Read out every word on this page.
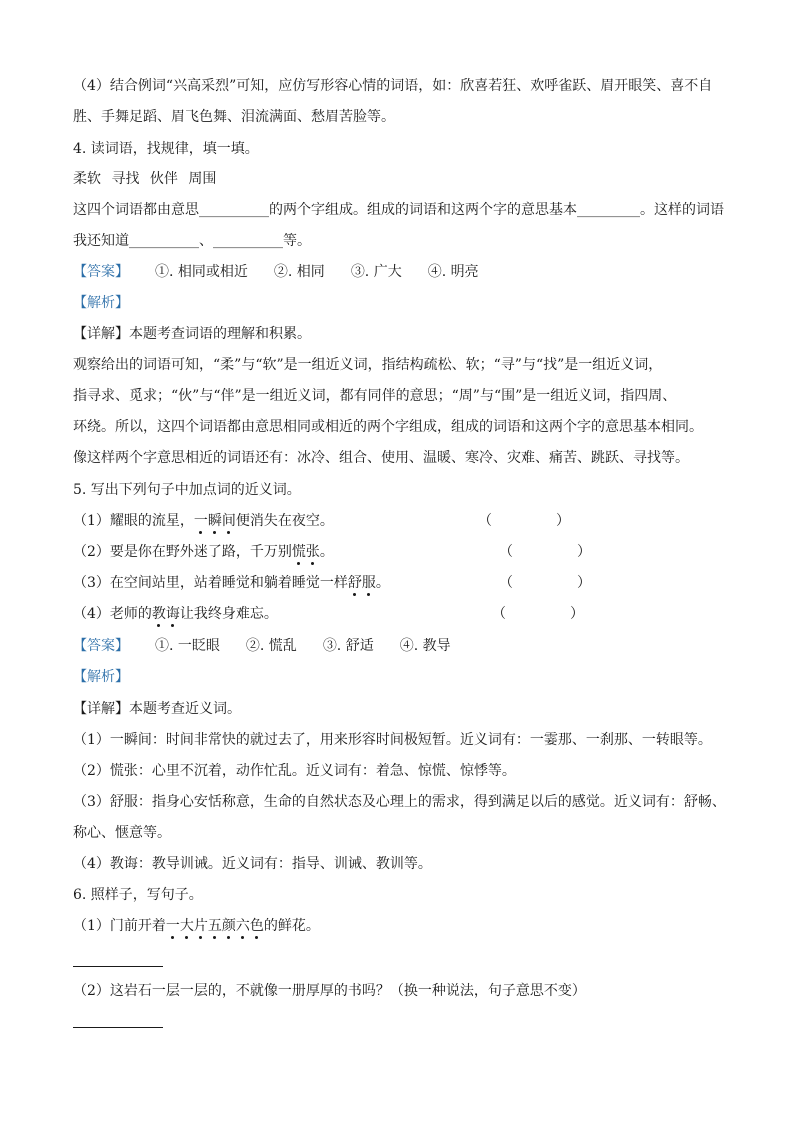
（4）结合例词“兴高采烈”可知，应仿写形容心情的词语，如：欣喜若狂、欢呼雀跃、眉开眼笑、喜不自
胜、手舞足蹈、眉飞色舞、泪流满面、愁眉苦脸等。
4. 读词语，找规律，填一填。
柔软 寻找 伙伴 周围
这四个词语都由意思__________的两个字组成。组成的词语和这两个字的意思基本_________。这样的词语
我还知道__________、__________等。
【答案】 ①. 相同或相近 ②. 相同 ③. 广大 ④. 明亮
【解析】
【详解】本题考查词语的理解和积累。
观察给出的词语可知，“柔”与“软”是一组近义词，指结构疏松、软；“寻”与“找”是一组近义词，
指寻求、觅求；“伙”与“伴”是一组近义词，都有同伴的意思；“周”与“围”是一组近义词，指四周、
环绕。所以，这四个词语都由意思相同或相近的两个字组成，组成的词语和这两个字的意思基本相同。
像这样两个字意思相近的词语还有：冰冷、组合、使用、温暖、寒冷、灾难、痛苦、跳跃、寻找等。
5. 写出下列句子中加点词的近义词。
（1）耀眼的流星，一瞬间便消失在夜空。	（	）
（2）要是你在野外迷了路，千万别慌张。	（	）
（3）在空间站里，站着睡觉和躺着睡觉一样舒服。	（	）
（4）老师的教诲让我终身难忘。	（	）
【答案】 ①. 一眨眼 ②. 慌乱 ③. 舒适 ④. 教导
【解析】
【详解】本题考查近义词。
（1）一瞬间：时间非常快的就过去了，用来形容时间极短暂。近义词有：一霎那、一刹那、一转眼等。
（2）慌张：心里不沉着，动作忙乱。近义词有：着急、惊慌、惊悸等。
（3）舒服：指身心安恬称意，生命的自然状态及心理上的需求，得到满足以后的感觉。近义词有：舒畅、
称心、惬意等。
（4）教诲：教导训诫。近义词有：指导、训诫、教训等。
6. 照样子，写句子。
（1）门前开着一大片五颜六色的鲜花。
（2）这岩石一层一层的，不就像一册厚厚的书吗？（换一种说法，句子意思不变）
